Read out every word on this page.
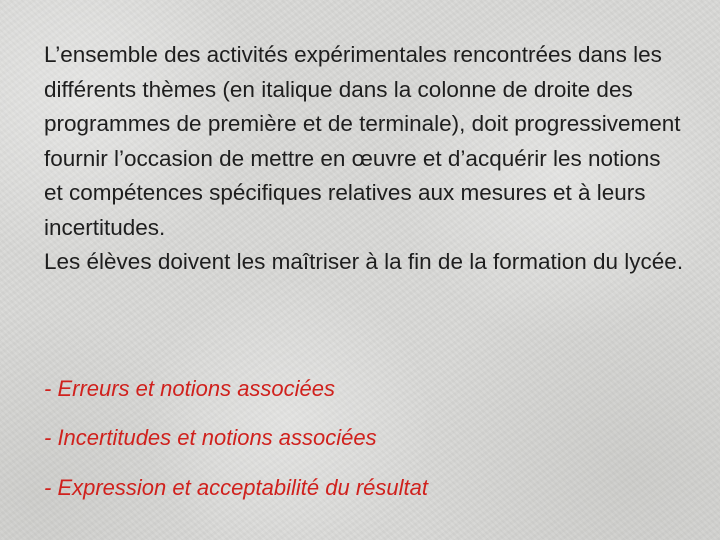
L’ensemble des activités expérimentales rencontrées dans les différents thèmes (en italique dans la colonne de droite des programmes de première et de terminale), doit progressivement fournir l’occasion de mettre en œuvre et d’acquérir les notions et compétences spécifiques relatives aux mesures et à leurs incertitudes.

Les élèves doivent les maîtriser à la fin de la formation du lycée.

- Erreurs et notions associées
- Incertitudes et notions associées
- Expression et acceptabilité du résultat
